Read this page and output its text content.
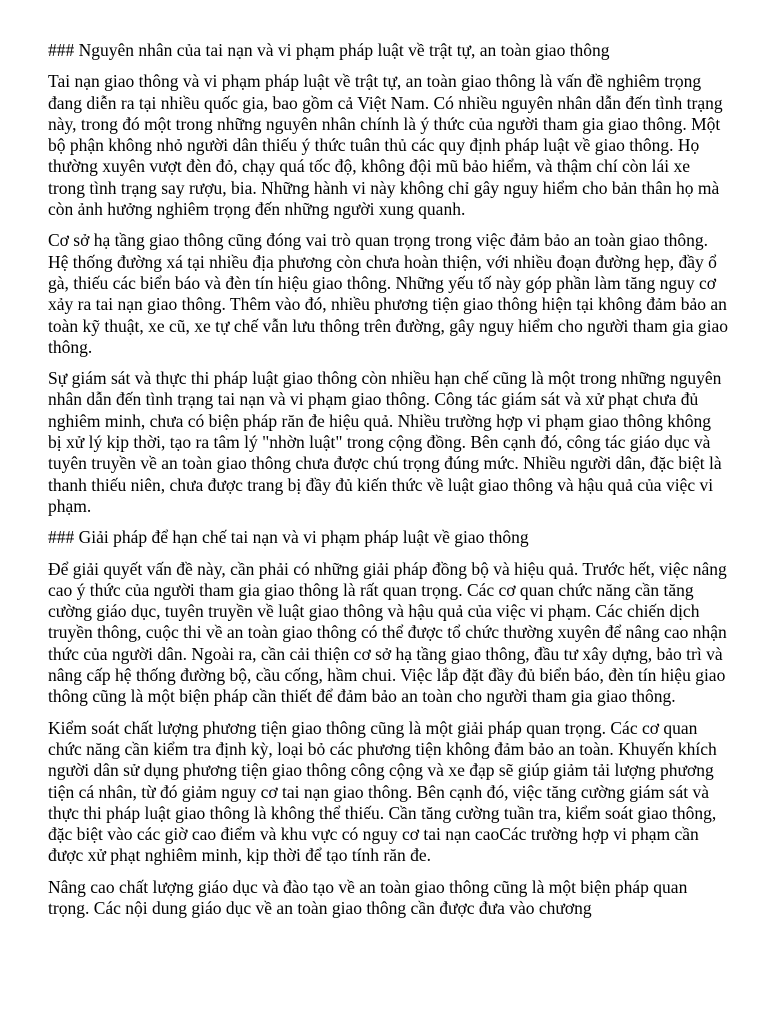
### Nguyên nhân của tai nạn và vi phạm pháp luật về trật tự, an toàn giao thông

Tai nạn giao thông và vi phạm pháp luật về trật tự, an toàn giao thông là vấn đề nghiêm trọng đang diễn ra tại nhiều quốc gia, bao gồm cả Việt Nam. Có nhiều nguyên nhân dẫn đến tình trạng này, trong đó một trong những nguyên nhân chính là ý thức của người tham gia giao thông. Một bộ phận không nhỏ người dân thiếu ý thức tuân thủ các quy định pháp luật về giao thông. Họ thường xuyên vượt đèn đỏ, chạy quá tốc độ, không đội mũ bảo hiểm, và thậm chí còn lái xe trong tình trạng say rượu, bia. Những hành vi này không chỉ gây nguy hiểm cho bản thân họ mà còn ảnh hưởng nghiêm trọng đến những người xung quanh.

Cơ sở hạ tầng giao thông cũng đóng vai trò quan trọng trong việc đảm bảo an toàn giao thông. Hệ thống đường xá tại nhiều địa phương còn chưa hoàn thiện, với nhiều đoạn đường hẹp, đầy ổ gà, thiếu các biển báo và đèn tín hiệu giao thông. Những yếu tố này góp phần làm tăng nguy cơ xảy ra tai nạn giao thông. Thêm vào đó, nhiều phương tiện giao thông hiện tại không đảm bảo an toàn kỹ thuật, xe cũ, xe tự chế vẫn lưu thông trên đường, gây nguy hiểm cho người tham gia giao thông.

Sự giám sát và thực thi pháp luật giao thông còn nhiều hạn chế cũng là một trong những nguyên nhân dẫn đến tình trạng tai nạn và vi phạm giao thông. Công tác giám sát và xử phạt chưa đủ nghiêm minh, chưa có biện pháp răn đe hiệu quả. Nhiều trường hợp vi phạm giao thông không bị xử lý kịp thời, tạo ra tâm lý "nhờn luật" trong cộng đồng. Bên cạnh đó, công tác giáo dục và tuyên truyền về an toàn giao thông chưa được chú trọng đúng mức. Nhiều người dân, đặc biệt là thanh thiếu niên, chưa được trang bị đầy đủ kiến thức về luật giao thông và hậu quả của việc vi phạm.

### Giải pháp để hạn chế tai nạn và vi phạm pháp luật về giao thông

Để giải quyết vấn đề này, cần phải có những giải pháp đồng bộ và hiệu quả. Trước hết, việc nâng cao ý thức của người tham gia giao thông là rất quan trọng. Các cơ quan chức năng cần tăng cường giáo dục, tuyên truyền về luật giao thông và hậu quả của việc vi phạm. Các chiến dịch truyền thông, cuộc thi về an toàn giao thông có thể được tổ chức thường xuyên để nâng cao nhận thức của người dân. Ngoài ra, cần cải thiện cơ sở hạ tầng giao thông, đầu tư xây dựng, bảo trì và nâng cấp hệ thống đường bộ, cầu cống, hầm chui. Việc lắp đặt đầy đủ biển báo, đèn tín hiệu giao thông cũng là một biện pháp cần thiết để đảm bảo an toàn cho người tham gia giao thông.

Kiểm soát chất lượng phương tiện giao thông cũng là một giải pháp quan trọng. Các cơ quan chức năng cần kiểm tra định kỳ, loại bỏ các phương tiện không đảm bảo an toàn. Khuyến khích người dân sử dụng phương tiện giao thông công cộng và xe đạp sẽ giúp giảm tải lượng phương tiện cá nhân, từ đó giảm nguy cơ tai nạn giao thông. Bên cạnh đó, việc tăng cường giám sát và thực thi pháp luật giao thông là không thể thiếu. Cần tăng cường tuần tra, kiểm soát giao thông, đặc biệt vào các giờ cao điểm và khu vực có nguy cơ tai nạn caoCác trường hợp vi phạm cần được xử phạt nghiêm minh, kịp thời để tạo tính răn đe.

Nâng cao chất lượng giáo dục và đào tạo về an toàn giao thông cũng là một biện pháp quan trọng. Các nội dung giáo dục về an toàn giao thông cần được đưa vào chương
